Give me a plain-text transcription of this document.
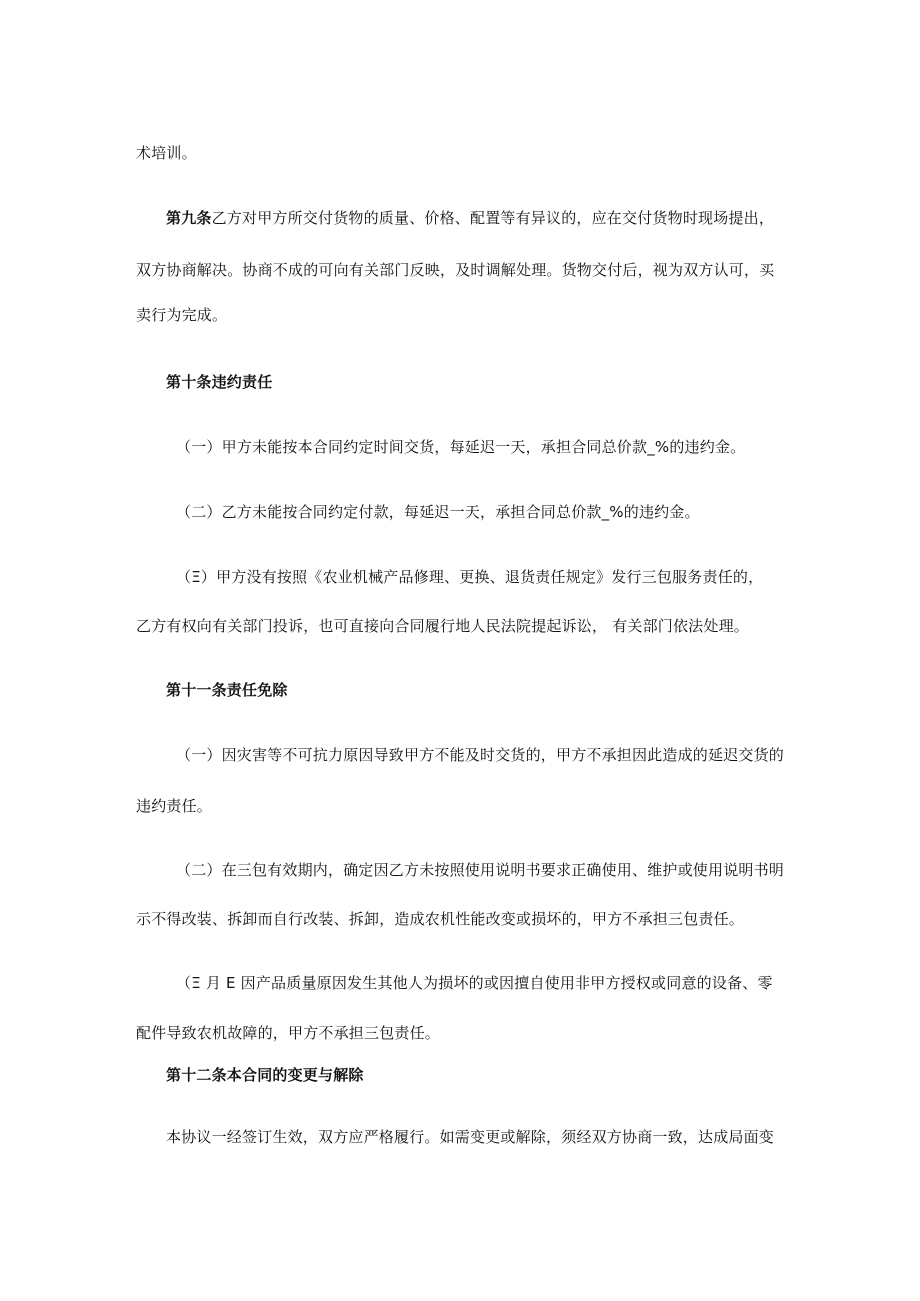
术培训。
第九条乙方对甲方所交付货物的质量、价格、配置等有异议的，应在交付货物时现场提出，
双方协商解决。协商不成的可向有关部门反映，及时调解处理。货物交付后，视为双方认可，买
卖行为完成。
第十条违约责任
（一）甲方未能按本合同约定时间交货，每延迟一天，承担合同总价款_%的违约金。
（二）乙方未能按合同约定付款，每延迟一天，承担合同总价款_%的违约金。
（Ξ）甲方没有按照《农业机械产品修理、更换、退货责任规定》发行三包服务责任的，
乙方有权向有关部门投诉，也可直接向合同履行地人民法院提起诉讼， 有关部门依法处理。
第十一条责任免除
（一）因灾害等不可抗力原因导致甲方不能及时交货的，甲方不承担因此造成的延迟交货的
违约责任。
（二）在三包有效期内，确定因乙方未按照使用说明书要求正确使用、维护或使用说明书明
示不得改装、拆卸而自行改装、拆卸，造成农机性能改变或损坏的，甲方不承担三包责任。
（Ξ 月 E 因产品质量原因发生其他人为损坏的或因擅自使用非甲方授权或同意的设备、零
配件导致农机故障的，甲方不承担三包责任。
第十二条本合同的变更与解除
本协议一经签订生效，双方应严格履行。如需变更或解除，须经双方协商一致，达成局面变
